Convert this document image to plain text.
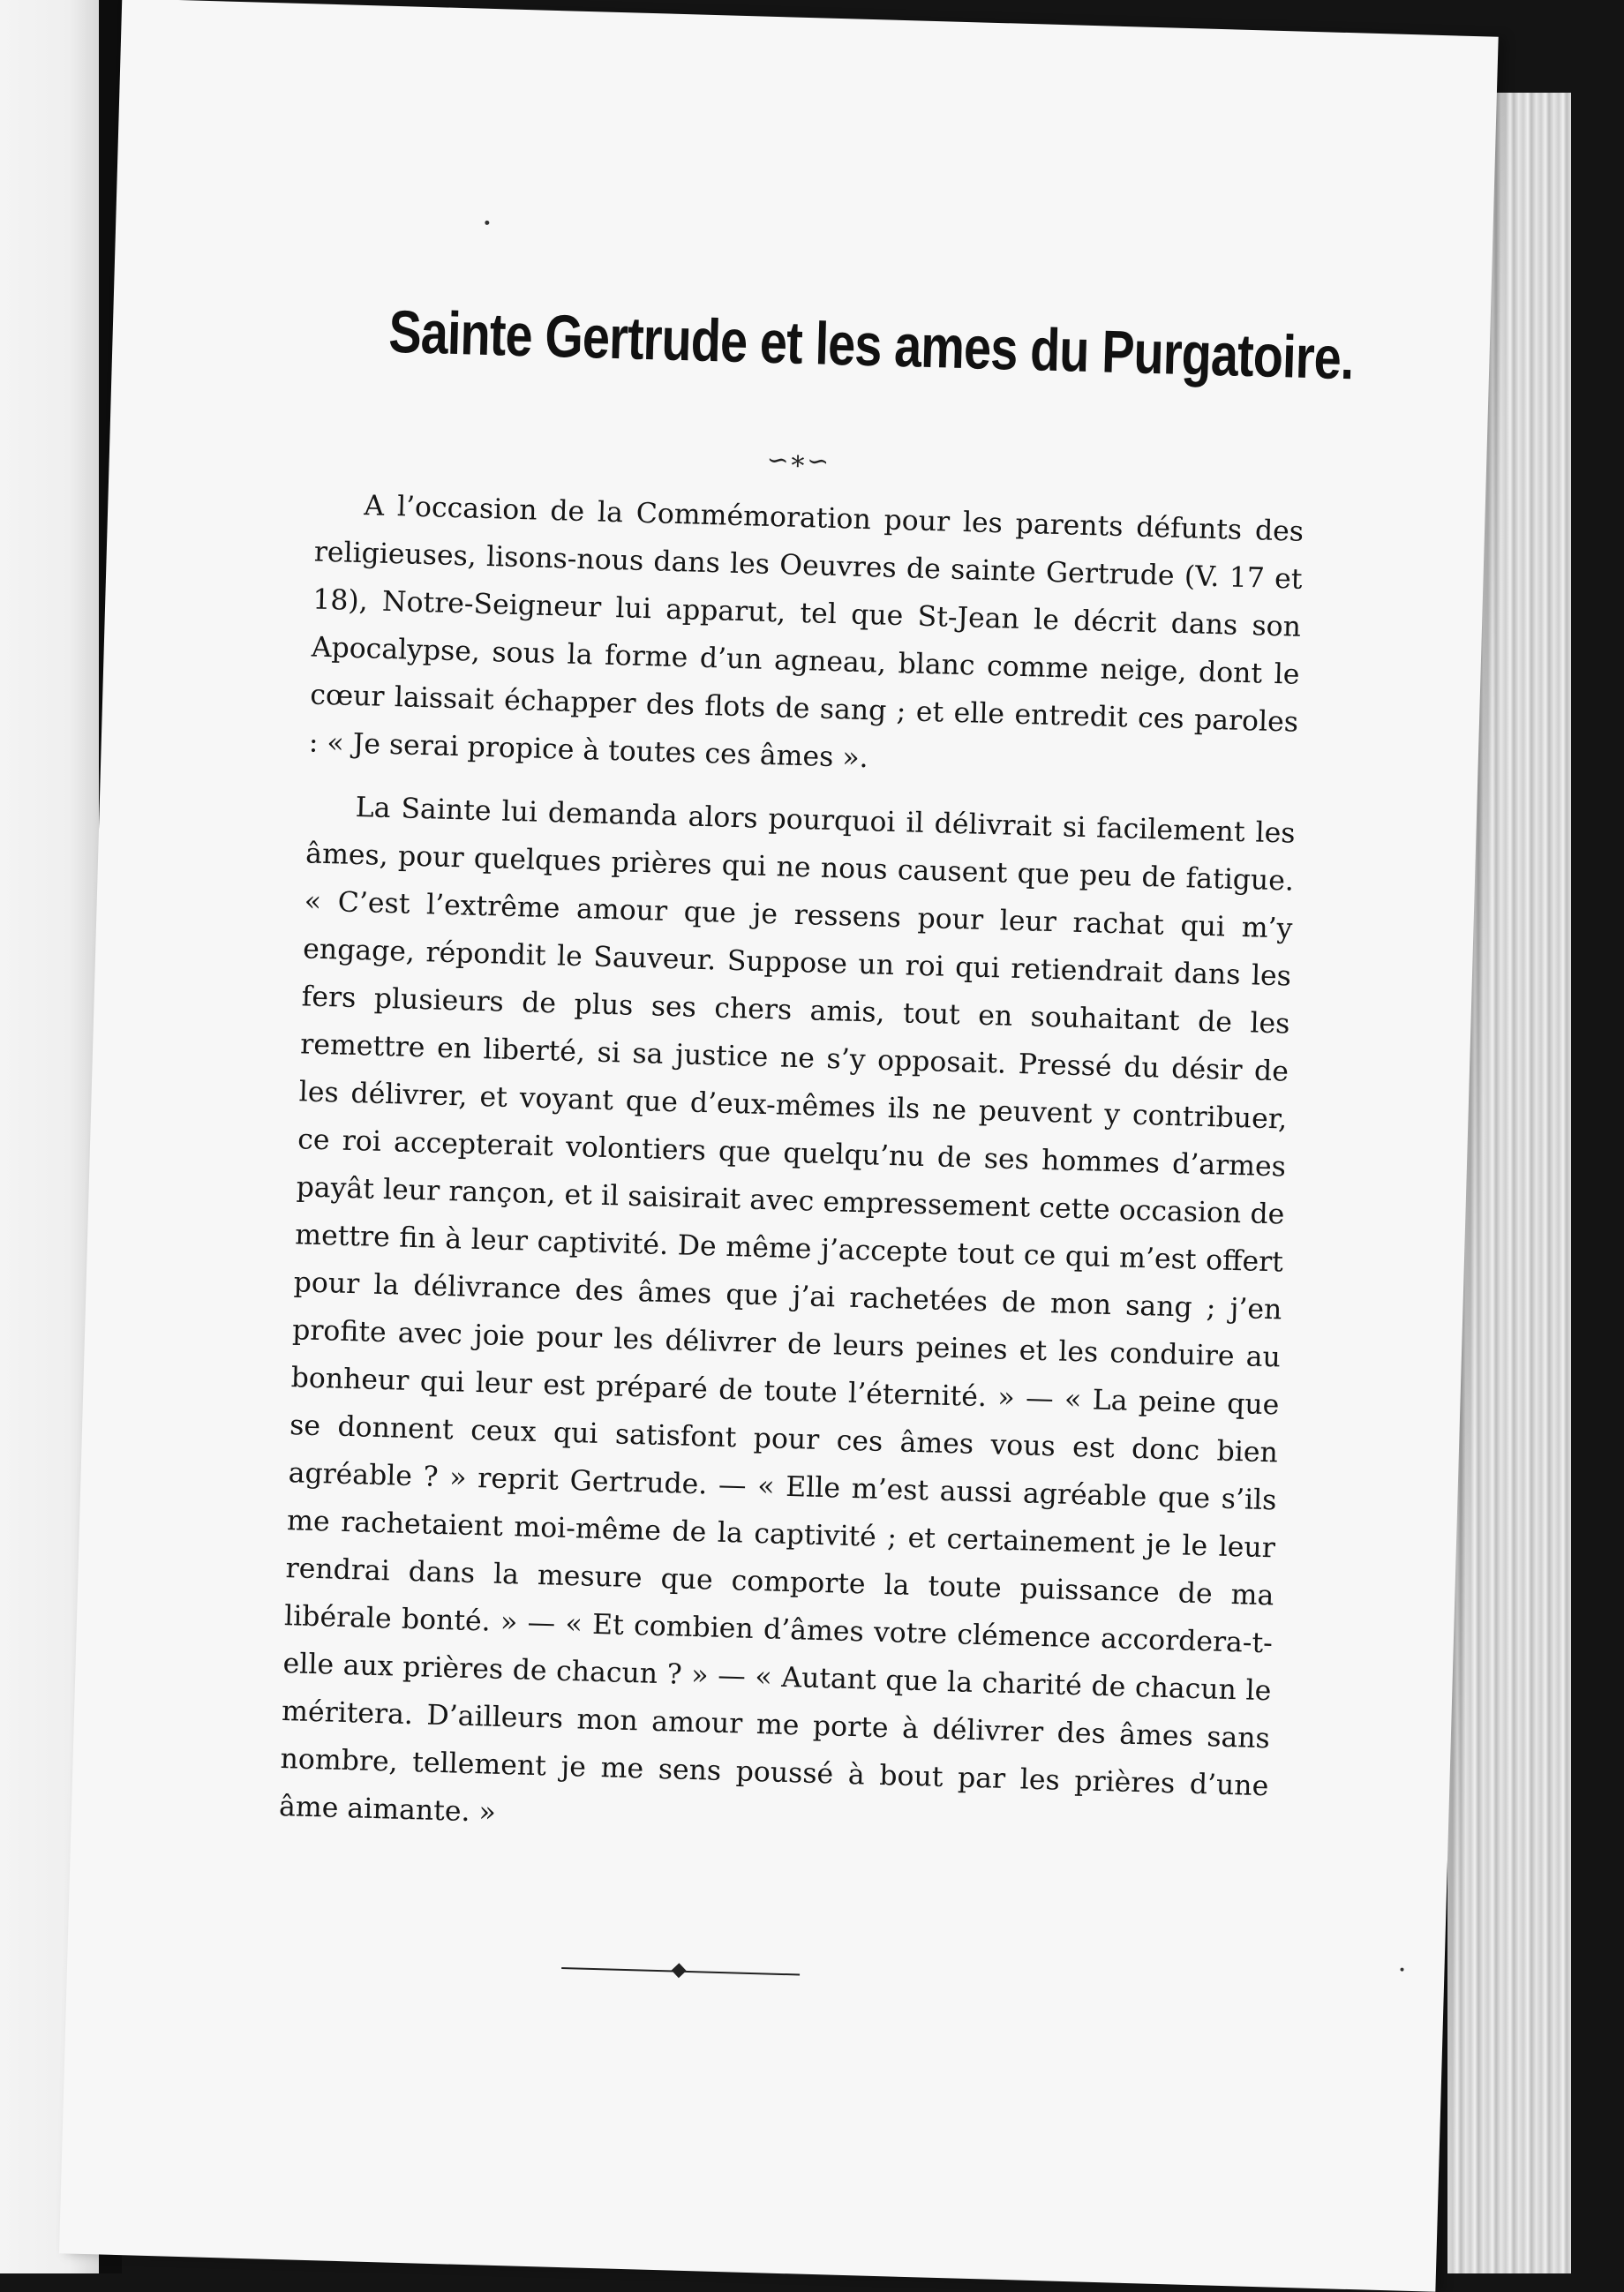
Sainte Gertrude et les ames du Purgatoire.
∽∗∽

A l’occasion de la Commémoration pour les parents défunts des religieuses, lisons-nous dans les Oeuvres de sainte Gertrude (V. 17 et 18), Notre-Seigneur lui apparut, tel que St-Jean le décrit dans son Apocalypse, sous la forme d’un agneau, blanc comme neige, dont le cœur laissait échapper des flots de sang ; et elle entredit ces paroles : « Je serai propice à toutes ces âmes ».

La Sainte lui demanda alors pourquoi il délivrait si facilement les âmes, pour quelques prières qui ne nous causent que peu de fatigue. « C’est l’extrême amour que je ressens pour leur rachat qui m’y engage, répondit le Sauveur. Suppose un roi qui retiendrait dans les fers plusieurs de plus ses chers amis, tout en souhaitant de les remettre en liberté, si sa justice ne s’y opposait. Pressé du désir de les délivrer, et voyant que d’eux-mêmes ils ne peuvent y contribuer, ce roi accepterait volontiers que quelqu’nu de ses hommes d’armes payât leur rançon, et il saisirait avec empressement cette occasion de mettre fin à leur captivité. De même j’accepte tout ce qui m’est offert pour la délivrance des âmes que j’ai rachetées de mon sang ; j’en profite avec joie pour les délivrer de leurs peines et les conduire au bonheur qui leur est préparé de toute l’éternité. » — « La peine que se donnent ceux qui satisfont pour ces âmes vous est donc bien agréable ? » reprit Gertrude. — « Elle m’est aussi agréable que s’ils me rachetaient moi-même de la captivité ; et certainement je le leur rendrai dans la mesure que comporte la toute puissance de ma libérale bonté. » — « Et combien d’âmes votre clémence accordera-t-elle aux prières de chacun ? » — « Autant que la charité de chacun le méritera. D’ailleurs mon amour me porte à délivrer des âmes sans nombre, tellement je me sens poussé à bout par les prières d’une âme aimante. »
